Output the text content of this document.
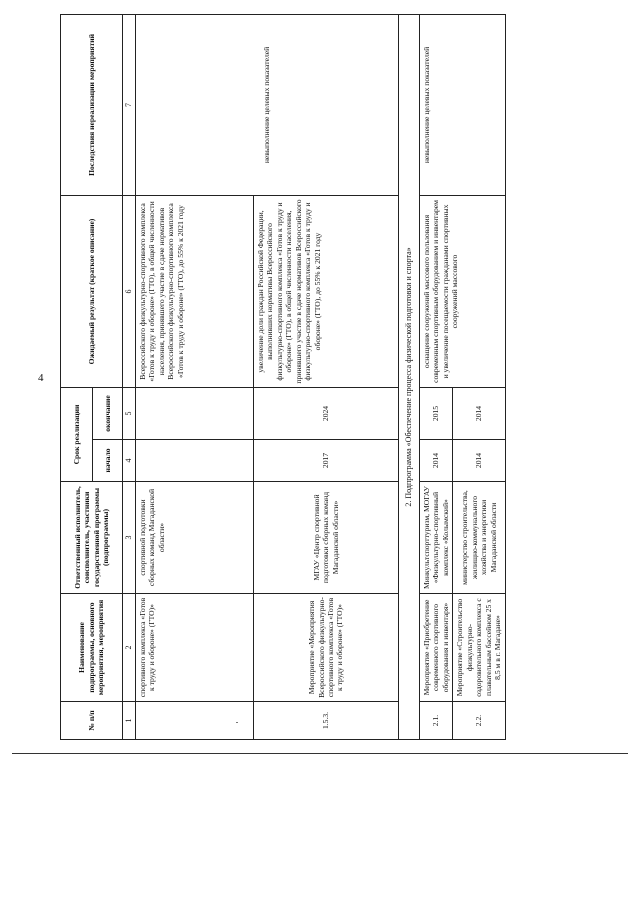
4
№ п/п	Наименование подпрограммы, основного мероприятия, мероприятия	Ответственный исполнитель, соисполнитель, участники государственной программы (подпрограммы)	Срок реализации		Ожидаемый результат (краткое описание)	Последствия нереализации мероприятий
			начало	окончание		
1	2	3	4	5	6	7
	спортивного комплекса «Готов к труду и обороне» (ГТО)»	спортивной подготовки сборных команд Магаданской области»			Всероссийского физкультурно-спортивного комплекса «Готов к труду и обороне» (ГТО), в общей численности населения, принявшего участие в сдаче нормативов Всероссийского физкультурно-спортивного комплекса «Готов к труду и обороне» (ГТО), до 55% к 2021 году	невыполнение целевых показателей
1.5.3.	Мероприятие «Мероприятия Всероссийского физкультурно-спортивного комплекса «Готов к труду и обороне» (ГТО)»	МГАУ «Центр спортивной подготовки сборных команд Магаданской области»	2017	2024	увеличение доли граждан Российской Федерации, выполнивших нормативы Всероссийского физкультурно-спортивного комплекса «Готов к труду и обороне» (ГТО), в общей численности населения, принявшего участие в сдаче нормативов Всероссийского физкультурно-спортивного комплекса «Готов к труду и обороне» (ГТО), до 55% к 2021 году	
2. Подпрограмма «Обеспечение процесса физической подготовки и спорта»						
2.1.	Мероприятие «Приобретение современного спортивного оборудования и инвентаря»	Минкультспорттуризм, МОГАУ «Физкультурно-спортивный комплекс «Колымский»	2014	2015	оснащение сооружений массового пользования современным спортивным оборудованием и инвентарем и увеличение посещаемости гражданами спортивных сооружений массового	невыполнение целевых показателей
2.2.	Мероприятие «Строительство физкультурно-оздоровительного комплекса с плавательным бассейном 25 х 8,5 м в г. Магадане»	министерство строительства, жилищно-коммунального хозяйства и энергетики Магаданской области	2014	2014		
